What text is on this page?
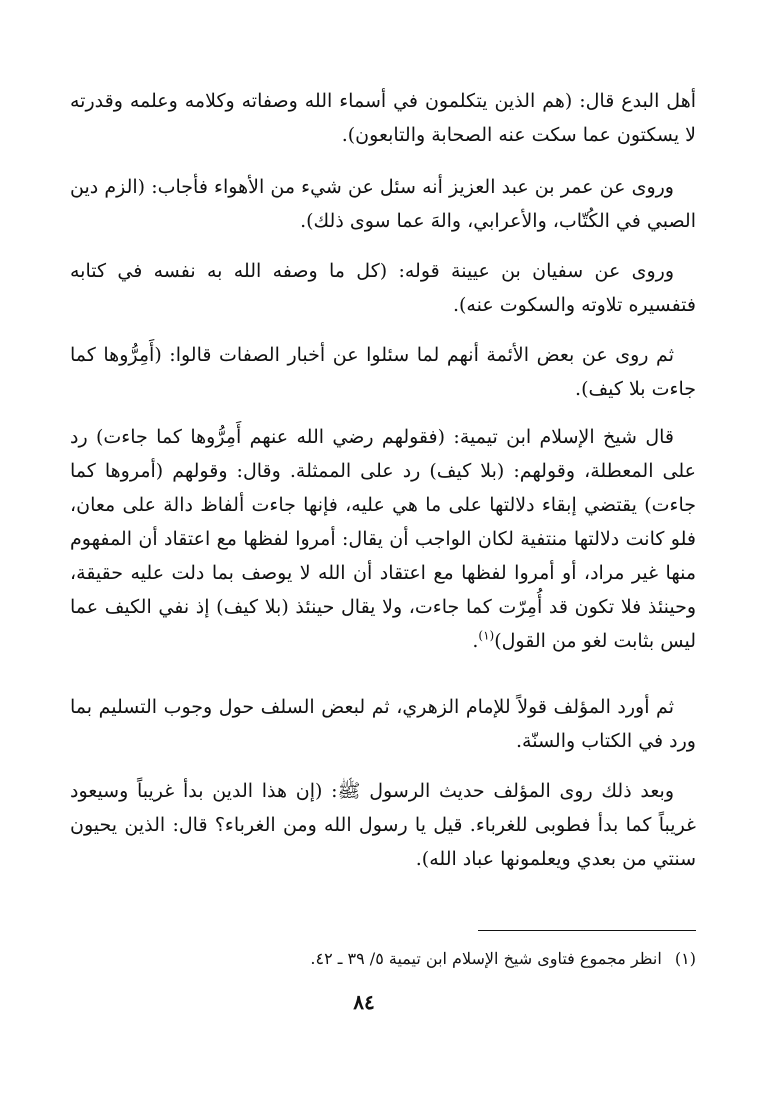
أهل البدع قال: (هم الذين يتكلمون في أسماء الله وصفاته وكلامه وعلمه وقدرته لا يسكتون عما سكت عنه الصحابة والتابعون).

وروى عن عمر بن عبد العزيز أنه سئل عن شيء من الأهواء فأجاب: (الزم دين الصبي في الكُتّاب، والأعرابي، والهَ عما سوى ذلك).

وروى عن سفيان بن عيينة قوله: (كل ما وصفه الله به نفسه في كتابه فتفسيره تلاوته والسكوت عنه).

ثم روى عن بعض الأئمة أنهم لما سئلوا عن أخبار الصفات قالوا: (أَمِرُّوها كما جاءت بلا كيف).

قال شيخ الإسلام ابن تيمية: (فقولهم رضي الله عنهم أَمِرُّوها كما جاءت) رد على المعطلة، وقولهم: (بلا كيف) رد على الممثلة. وقال: وقولهم (أمروها كما جاءت) يقتضي إبقاء دلالتها على ما هي عليه، فإنها جاءت ألفاظ دالة على معان، فلو كانت دلالتها منتفية لكان الواجب أن يقال: أمروا لفظها مع اعتقاد أن المفهوم منها غير مراد، أو أمروا لفظها مع اعتقاد أن الله لا يوصف بما دلت عليه حقيقة، وحينئذ فلا تكون قد أُمِرّت كما جاءت، ولا يقال حينئذ (بلا كيف) إذ نفي الكيف عما ليس بثابت لغو من القول)$^{(١)}$.

ثم أورد المؤلف قولاً للإمام الزهري، ثم لبعض السلف حول وجوب التسليم بما ورد في الكتاب والسنّة.

وبعد ذلك روى المؤلف حديث الرسول ﷺ: (إن هذا الدين بدأ غريباً وسيعود غريباً كما بدأ فطوبى للغرباء. قيل يا رسول الله ومن الغرباء؟ قال: الذين يحيون سنتي من بعدي ويعلمونها عباد الله).

(١) انظر مجموع فتاوى شيخ الإسلام ابن تيمية ٥/ ٣٩ ـ ٤٢.
٨٤
